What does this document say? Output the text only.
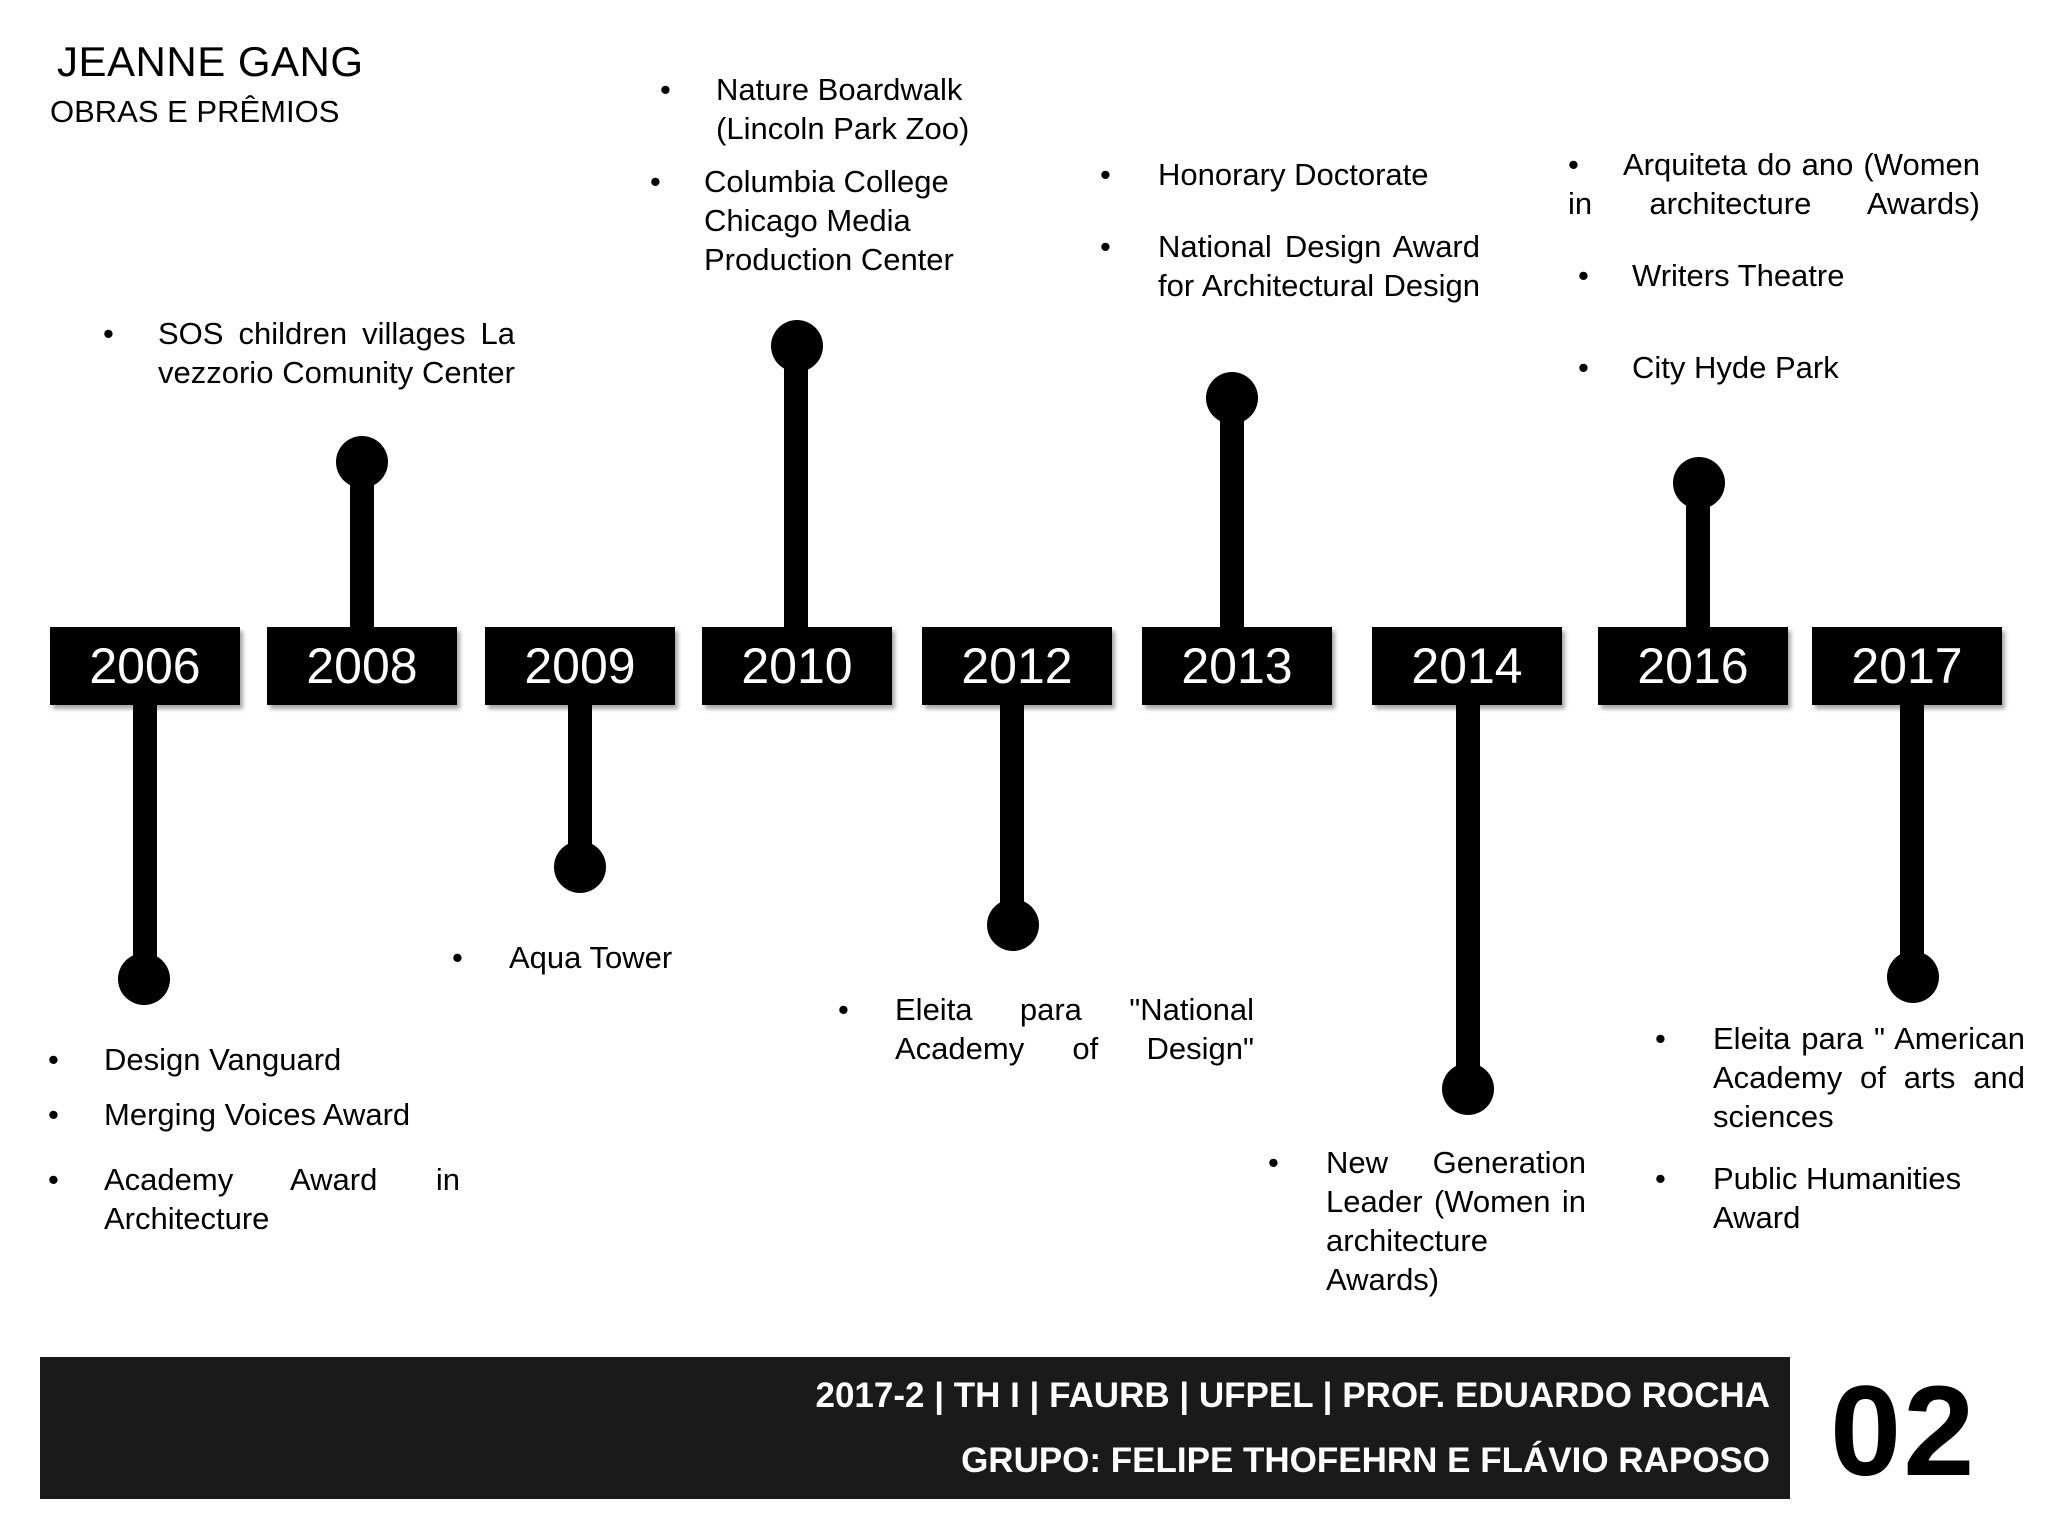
JEANNE GANG
OBRAS E PRÊMIOS
2006	2008	2009	2010	2012	2013	2014	2016	2017
• SOS children villages La vezzorio Comunity Center
• Nature Boardwalk (Lincoln Park Zoo)
• Columbia College Chicago Media Production Center
• Honorary Doctorate
• National Design Award for Architectural Design
• Arquiteta do ano (Women in architecture Awards)
• Writers Theatre
• City Hyde Park
• Design Vanguard
• Merging Voices Award
• Academy Award in Architecture
• Aqua Tower
• Eleita para "National Academy of Design"
• New Generation Leader (Women in architecture Awards)
• Eleita para " American Academy of arts and sciences
• Public Humanities Award
2017-2 | TH I | FAURB | UFPEL | PROF. EDUARDO ROCHA
GRUPO: FELIPE THOFEHRN E FLÁVIO RAPOSO 02
